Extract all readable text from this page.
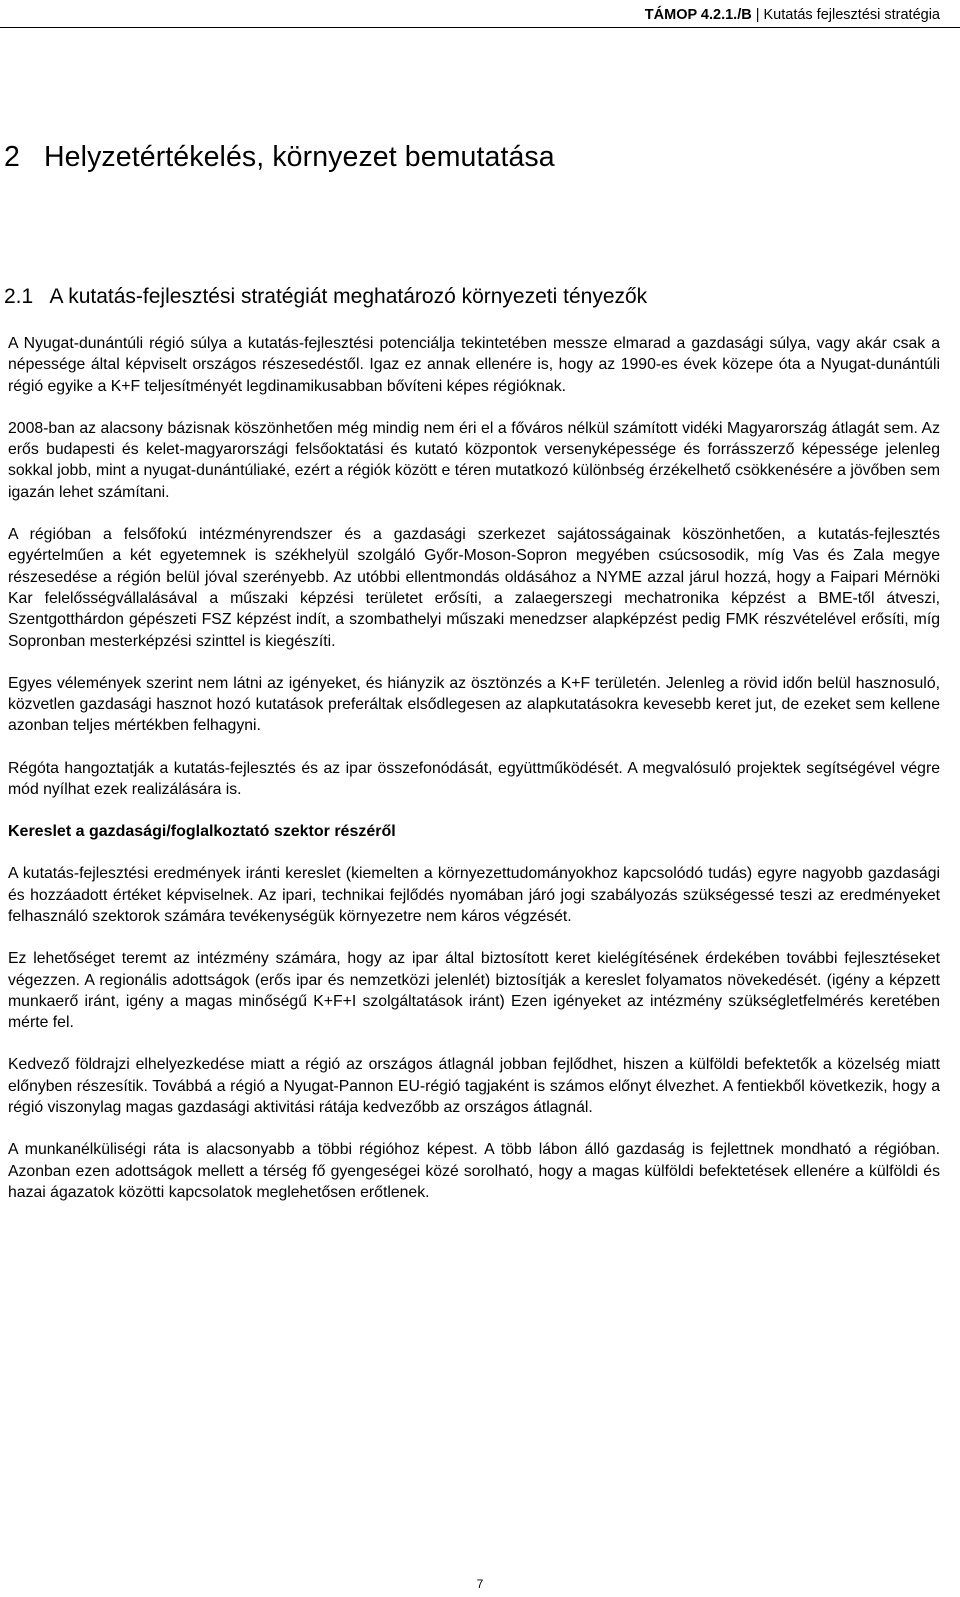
TÁMOP 4.2.1./B | Kutatás fejlesztési stratégia
2   Helyzetértékelés, környezet bemutatása
2.1   A kutatás-fejlesztési stratégiát meghatározó környezeti tényezők

A Nyugat-dunántúli régió súlya a kutatás-fejlesztési potenciálja tekintetében messze elmarad a gazdasági súlya, vagy akár csak a népessége által képviselt országos részesedéstől. Igaz ez annak ellenére is, hogy az 1990-es évek közepe óta a Nyugat-dunántúli régió egyike a K+F teljesítményét legdinamikusabban bővíteni képes régióknak.

2008-ban az alacsony bázisnak köszönhetően még mindig nem éri el a főváros nélkül számított vidéki Magyarország átlagát sem. Az erős budapesti és kelet-magyarországi felsőoktatási és kutató központok versenyképessége és forrásszerző képessége jelenleg sokkal jobb, mint a nyugat-dunántúliaké, ezért a régiók között e téren mutatkozó különbség érzékelhető csökkenésére a jövőben sem igazán lehet számítani.

A régióban a felsőfokú intézményrendszer és a gazdasági szerkezet sajátosságainak köszönhetően, a kutatás-fejlesztés egyértelműen a két egyetemnek is székhelyül szolgáló Győr-Moson-Sopron megyében csúcsosodik, míg Vas és Zala megye részesedése a régión belül jóval szerényebb. Az utóbbi ellentmondás oldásához a NYME azzal járul hozzá, hogy a Faipari Mérnöki Kar felelősségvállalásával a műszaki képzési területet erősíti, a zalaegerszegi mechatronika képzést a BME-től átveszi, Szentgotthárdon gépészeti FSZ képzést indít, a szombathelyi műszaki menedzser alapképzést pedig FMK részvételével erősíti, míg Sopronban mesterképzési szinttel is kiegészíti.

Egyes vélemények szerint nem látni az igényeket, és hiányzik az ösztönzés a K+F területén. Jelenleg a rövid időn belül hasznosuló, közvetlen gazdasági hasznot hozó kutatások preferáltak elsődlegesen az alapkutatásokra kevesebb keret jut, de ezeket sem kellene azonban teljes mértékben felhagyni.

Régóta hangoztatják a kutatás-fejlesztés és az ipar összefonódását, együttműködését. A megvalósuló projektek segítségével végre mód nyílhat ezek realizálására is.

Kereslet a gazdasági/foglalkoztató szektor részéről

A kutatás-fejlesztési eredmények iránti kereslet (kiemelten a környezettudományokhoz kapcsolódó tudás) egyre nagyobb gazdasági és hozzáadott értéket képviselnek. Az ipari, technikai fejlődés nyomában járó jogi szabályozás szükségessé teszi az eredményeket felhasználó szektorok számára tevékenységük környezetre nem káros végzését.

Ez lehetőséget teremt az intézmény számára, hogy az ipar által biztosított keret kielégítésének érdekében további fejlesztéseket végezzen. A regionális adottságok (erős ipar és nemzetközi jelenlét) biztosítják a kereslet folyamatos növekedését. (igény a képzett munkaerő iránt, igény a magas minőségű K+F+I szolgáltatások iránt) Ezen igényeket az intézmény szükségletfelmérés keretében mérte fel.

Kedvező földrajzi elhelyezkedése miatt a régió az országos átlagnál jobban fejlődhet, hiszen a külföldi befektetők a közelség miatt előnyben részesítik. Továbbá a régió a Nyugat-Pannon EU-régió tagjaként is számos előnyt élvezhet. A fentiekből következik, hogy a régió viszonylag magas gazdasági aktivitási rátája kedvezőbb az országos átlagnál.

A munkanélküliségi ráta is alacsonyabb a többi régióhoz képest. A több lábon álló gazdaság is fejlettnek mondható a régióban. Azonban ezen adottságok mellett a térség fő gyengeségei közé sorolható, hogy a magas külföldi befektetések ellenére a külföldi és hazai ágazatok közötti kapcsolatok meglehetősen erőtlenek.

7
